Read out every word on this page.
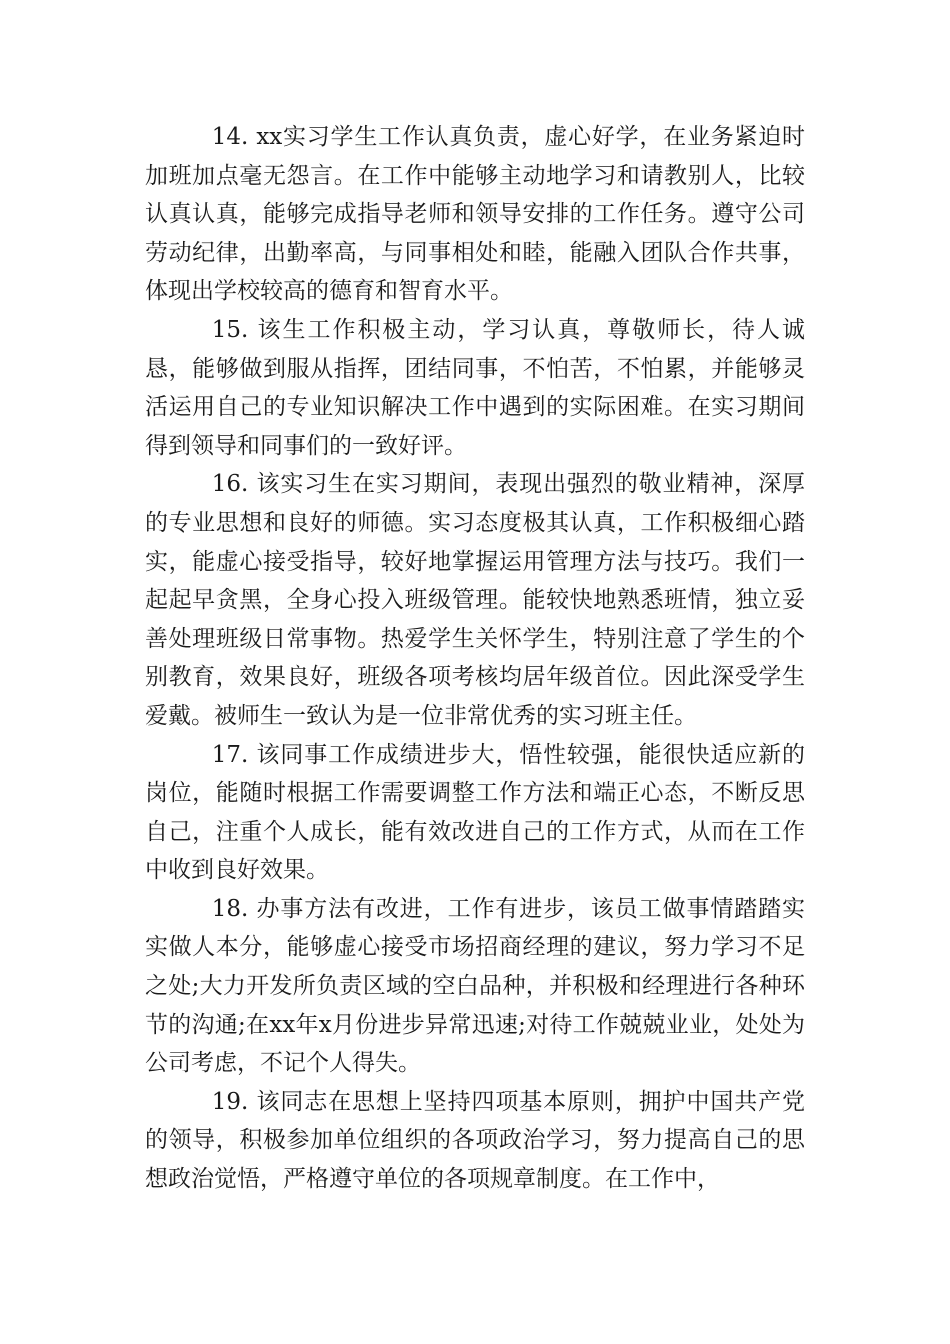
14. xx实习学生工作认真负责，虚心好学，在业务紧迫时加班加点毫无怨言。在工作中能够主动地学习和请教别人，比较认真认真，能够完成指导老师和领导安排的工作任务。遵守公司劳动纪律，出勤率高，与同事相处和睦，能融入团队合作共事，体现出学校较高的德育和智育水平。

15. 该生工作积极主动，学习认真，尊敬师长，待人诚恳，能够做到服从指挥，团结同事，不怕苦，不怕累，并能够灵活运用自己的专业知识解决工作中遇到的实际困难。在实习期间得到领导和同事们的一致好评。

16. 该实习生在实习期间，表现出强烈的敬业精神，深厚的专业思想和良好的师德。实习态度极其认真，工作积极细心踏实，能虚心接受指导，较好地掌握运用管理方法与技巧。我们一起起早贪黑，全身心投入班级管理。能较快地熟悉班情，独立妥善处理班级日常事物。热爱学生关怀学生，特别注意了学生的个别教育，效果良好，班级各项考核均居年级首位。因此深受学生爱戴。被师生一致认为是一位非常优秀的实习班主任。

17. 该同事工作成绩进步大，悟性较强，能很快适应新的岗位，能随时根据工作需要调整工作方法和端正心态，不断反思自己，注重个人成长，能有效改进自己的工作方式，从而在工作中收到良好效果。

18. 办事方法有改进，工作有进步，该员工做事情踏踏实实做人本分，能够虚心接受市场招商经理的建议，努力学习不足之处;大力开发所负责区域的空白品种，并积极和经理进行各种环节的沟通;在xx年x月份进步异常迅速;对待工作兢兢业业，处处为公司考虑，不记个人得失。

19. 该同志在思想上坚持四项基本原则，拥护中国共产党的领导，积极参加单位组织的各项政治学习，努力提高自己的思想政治觉悟，严格遵守单位的各项规章制度。在工作中，
